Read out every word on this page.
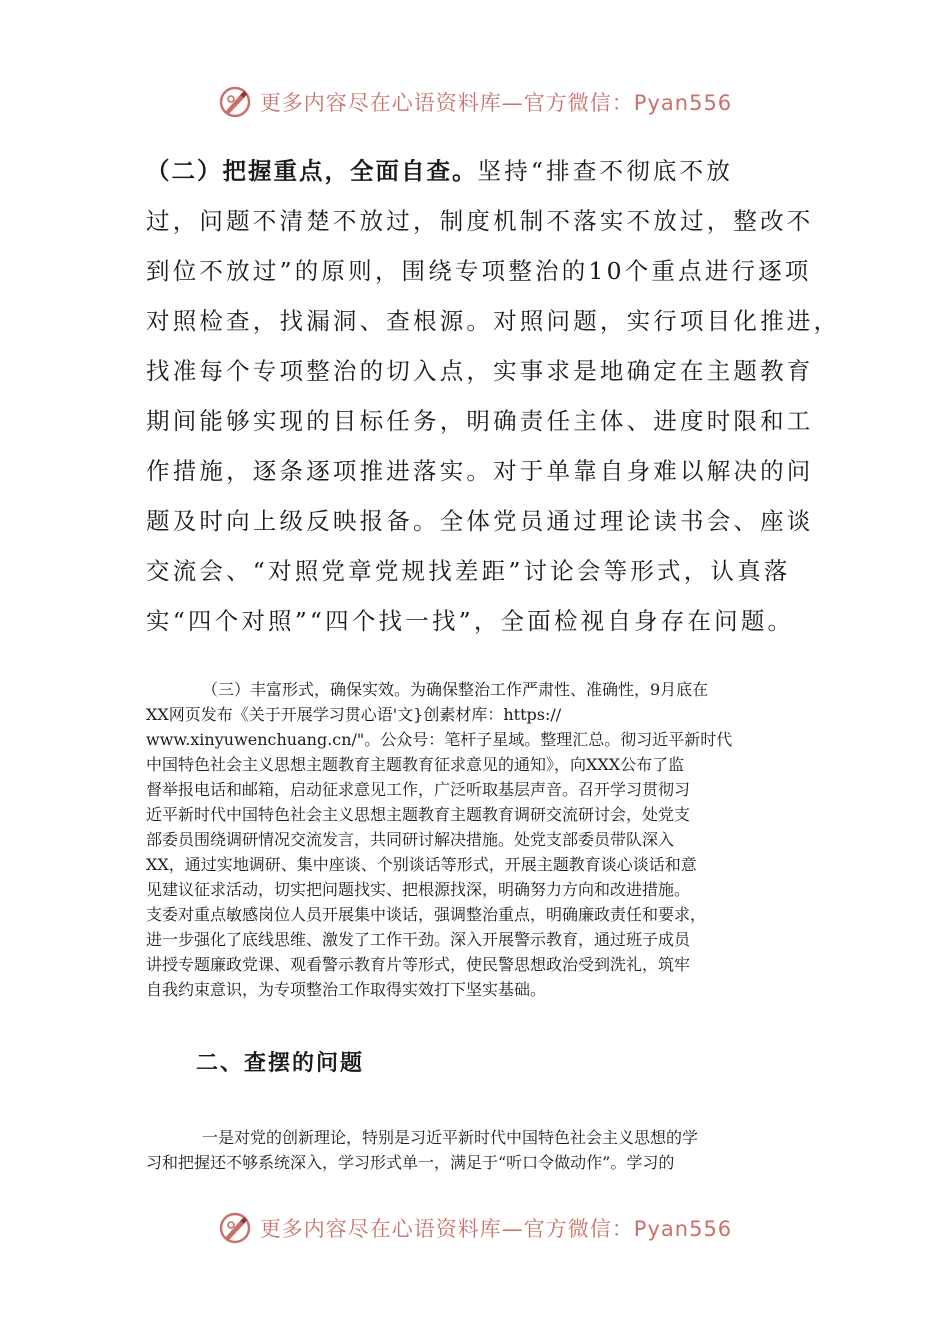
更多内容尽在心语资料库—官方微信：Pyan556
（二）把握重点，全面自查。坚持“排查不彻底不放
过，问题不清楚不放过，制度机制不落实不放过，整改不
到位不放过”的原则，围绕专项整治的10个重点进行逐项
对照检查，找漏洞、查根源。对照问题，实行项目化推进，
找准每个专项整治的切入点，实事求是地确定在主题教育
期间能够实现的目标任务，明确责任主体、进度时限和工
作措施，逐条逐项推进落实。对于单靠自身难以解决的问
题及时向上级反映报备。全体党员通过理论读书会、座谈
交流会、“对照党章党规找差距”讨论会等形式，认真落
实“四个对照”“四个找一找”，全面检视自身存在问题。
（三）丰富形式，确保实效。为确保整治工作严肃性、准确性，9月底在
XX网页发布《关于开展学习贯心语'文}创素材库：https://
www.xinyuwenchuang.cn/"。公众号：笔杆子星域。整理汇总。彻习近平新时代
中国特色社会主义思想主题教育主题教育征求意见的通知》，向XXX公布了监
督举报电话和邮箱，启动征求意见工作，广泛听取基层声音。召开学习贯彻习
近平新时代中国特色社会主义思想主题教育主题教育调研交流研讨会，处党支
部委员围绕调研情况交流发言，共同研讨解决措施。处党支部委员带队深入
XX，通过实地调研、集中座谈、个别谈话等形式，开展主题教育谈心谈话和意
见建议征求活动，切实把问题找实、把根源找深，明确努力方向和改进措施。
支委对重点敏感岗位人员开展集中谈话，强调整治重点，明确廉政责任和要求，
进一步强化了底线思维、激发了工作干劲。深入开展警示教育，通过班子成员
讲授专题廉政党课、观看警示教育片等形式，使民警思想政治受到洗礼，筑牢
自我约束意识，为专项整治工作取得实效打下坚实基础。
二、查摆的问题
一是对党的创新理论，特别是习近平新时代中国特色社会主义思想的学
习和把握还不够系统深入，学习形式单一，满足于“听口令做动作”。学习的
更多内容尽在心语资料库—官方微信：Pyan556
